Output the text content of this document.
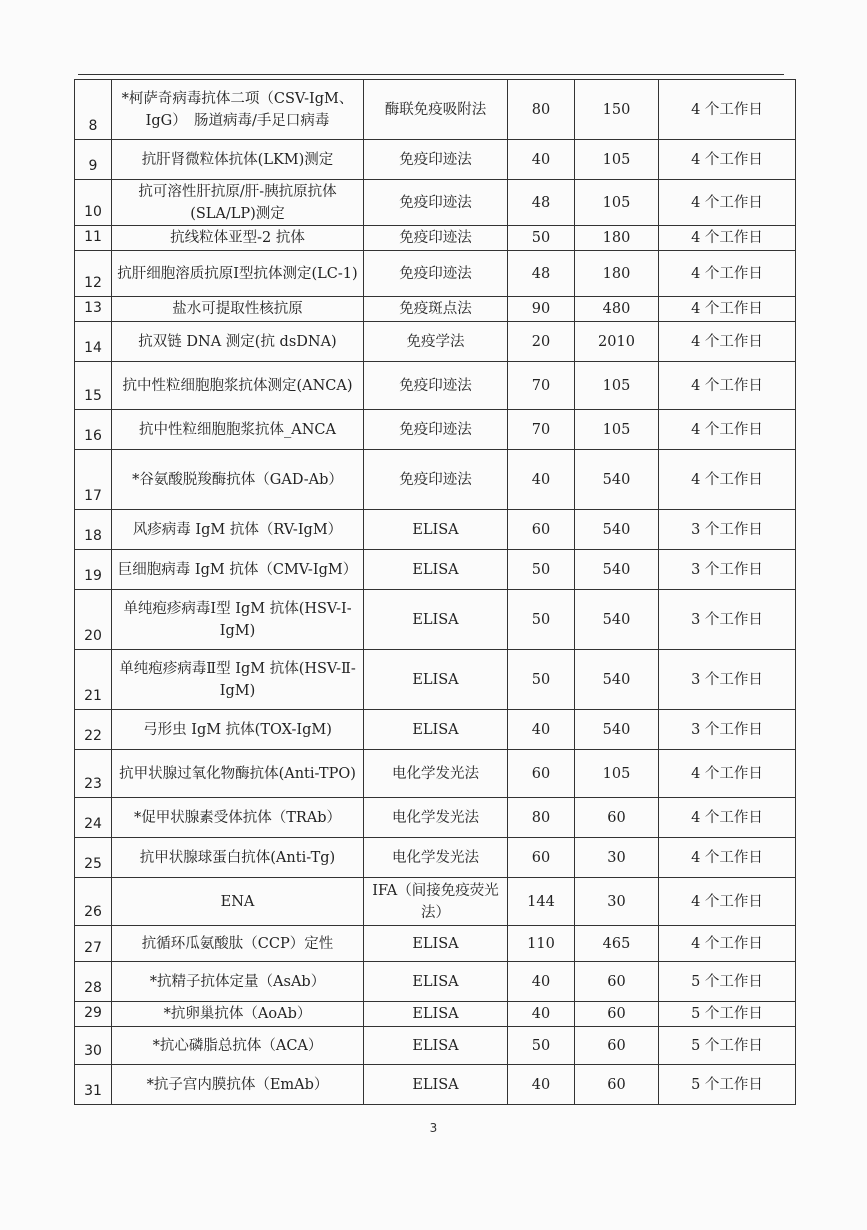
8	*柯萨奇病毒抗体二项（CSV-IgM、IgG）　肠道病毒/手足口病毒	酶联免疫吸附法	80	150	4 个工作日
9	抗肝肾微粒体抗体(LKM)测定	免疫印迹法	40	105	4 个工作日
10	抗可溶性肝抗原/肝-胰抗原抗体(SLA/LP)测定	免疫印迹法	48	105	4 个工作日
11	抗线粒体亚型-2 抗体	免疫印迹法	50	180	4 个工作日
12	抗肝细胞溶质抗原Ⅰ型抗体测定(LC-1)	免疫印迹法	48	180	4 个工作日
13	盐水可提取性核抗原	免疫斑点法	90	480	4 个工作日
14	抗双链 DNA 测定(抗 dsDNA)	免疫学法	20	2010	4 个工作日
15	抗中性粒细胞胞浆抗体测定(ANCA)	免疫印迹法	70	105	4 个工作日
16	抗中性粒细胞胞浆抗体_ANCA	免疫印迹法	70	105	4 个工作日
17	*谷氨酸脱羧酶抗体（GAD-Ab）	免疫印迹法	40	540	4 个工作日
18	风疹病毒 IgM 抗体（RV-IgM）	ELISA	60	540	3 个工作日
19	巨细胞病毒 IgM 抗体（CMV-IgM）	ELISA	50	540	3 个工作日
20	单纯疱疹病毒Ⅰ型 IgM 抗体(HSV-Ⅰ-IgM)	ELISA	50	540	3 个工作日
21	单纯疱疹病毒Ⅱ型 IgM 抗体(HSV-Ⅱ-IgM)	ELISA	50	540	3 个工作日
22	弓形虫 IgM 抗体(TOX-IgM)	ELISA	40	540	3 个工作日
23	抗甲状腺过氧化物酶抗体(Anti-TPO)	电化学发光法	60	105	4 个工作日
24	*促甲状腺素受体抗体（TRAb）	电化学发光法	80	60	4 个工作日
25	抗甲状腺球蛋白抗体(Anti-Tg)	电化学发光法	60	30	4 个工作日
26	ENA	IFA（间接免疫荧光法）	144	30	4 个工作日
27	抗循环瓜氨酸肽（CCP）定性	ELISA	110	465	4 个工作日
28	*抗精子抗体定量（AsAb）	ELISA	40	60	5 个工作日
29	*抗卵巢抗体（AoAb）	ELISA	40	60	5 个工作日
30	*抗心磷脂总抗体（ACA）	ELISA	50	60	5 个工作日
31	*抗子宫内膜抗体（EmAb）	ELISA	40	60	5 个工作日
3
